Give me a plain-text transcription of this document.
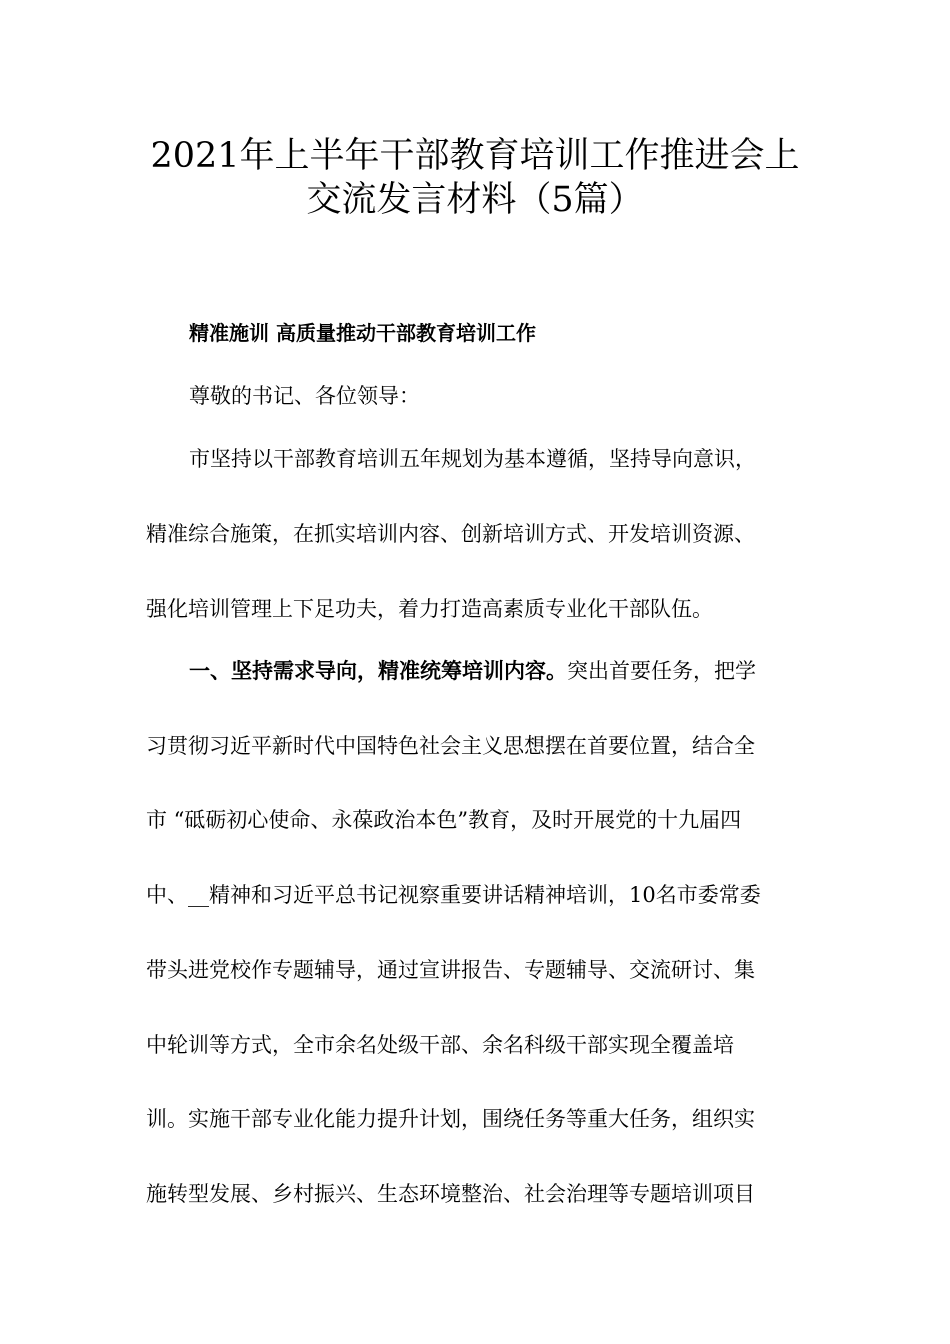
2021年上半年干部教育培训工作推进会上
交流发言材料（5篇）

精准施训 高质量推动干部教育培训工作

尊敬的书记、各位领导：

市坚持以干部教育培训五年规划为基本遵循，坚持导向意识，

精准综合施策，在抓实培训内容、创新培训方式、开发培训资源、

强化培训管理上下足功夫，着力打造高素质专业化干部队伍。

一、坚持需求导向，精准统筹培训内容。突出首要任务，把学

习贯彻习近平新时代中国特色社会主义思想摆在首要位置，结合全

市 “砥砺初心使命、永葆政治本色”教育，及时开展党的十九届四

中、__精神和习近平总书记视察重要讲话精神培训，10名市委常委

带头进党校作专题辅导，通过宣讲报告、专题辅导、交流研讨、集

中轮训等方式，全市余名处级干部、余名科级干部实现全覆盖培

训。实施干部专业化能力提升计划，围绕任务等重大任务，组织实

施转型发展、乡村振兴、生态环境整治、社会治理等专题培训项目
